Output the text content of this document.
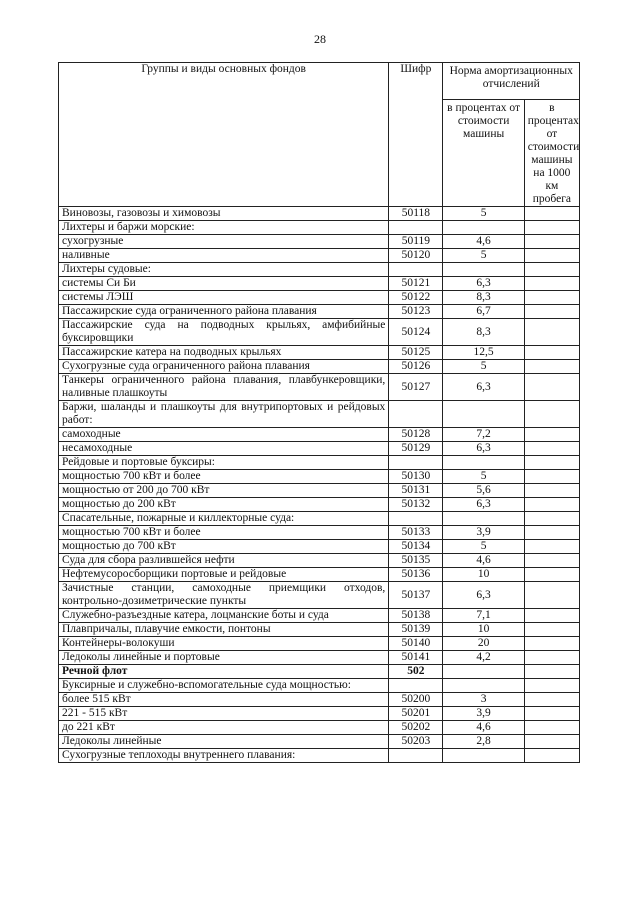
28
Группы и виды основных фондов	Шифр	Норма амортизационных отчислений	
		в процентах от стоимости машины	в процентах от стоимости машины на 1000 км пробега
Виновозы, газовозы и химовозы	50118	5	
Лихтеры и баржи морские:			
сухогрузные	50119	4,6	
наливные	50120	5	
Лихтеры судовые:			
системы Си Би	50121	6,3	
системы ЛЭШ	50122	8,3	
Пассажирские суда ограниченного района плавания	50123	6,7	
Пассажирские суда на подводных крыльях, амфибийные буксировщики	50124	8,3	
Пассажирские катера на подводных крыльях	50125	12,5	
Сухогрузные суда ограниченного района плавания	50126	5	
Танкеры ограниченного района плавания, плавбункеровщики, наливные плашкоуты	50127	6,3	
Баржи, шаланды и плашкоуты для внутрипортовых и рейдовых работ:			
самоходные	50128	7,2	
несамоходные	50129	6,3	
Рейдовые и портовые буксиры:			
мощностью 700 кВт и более	50130	5	
мощностью от 200 до 700 кВт	50131	5,6	
мощностью до 200 кВт	50132	6,3	
Спасательные, пожарные и киллекторные суда:			
мощностью 700 кВт и более	50133	3,9	
мощностью до 700 кВт	50134	5	
Суда для сбора разлившейся нефти	50135	4,6	
Нефтемусоросборщики портовые и рейдовые	50136	10	
Зачистные станции, самоходные приемщики отходов, контрольно-дозиметрические пункты	50137	6,3	
Служебно-разъездные катера, лоцманские боты и суда	50138	7,1	
Плавпричалы, плавучие емкости, понтоны	50139	10	
Контейнеры-волокуши	50140	20	
Ледоколы линейные и портовые	50141	4,2	
Речной флот	502		
Буксирные и служебно-вспомогательные суда мощностью:			
более 515 кВт	50200	3	
221 - 515 кВт	50201	3,9	
до 221 кВт	50202	4,6	
Ледоколы линейные	50203	2,8	
Сухогрузные теплоходы внутреннего плавания:			
